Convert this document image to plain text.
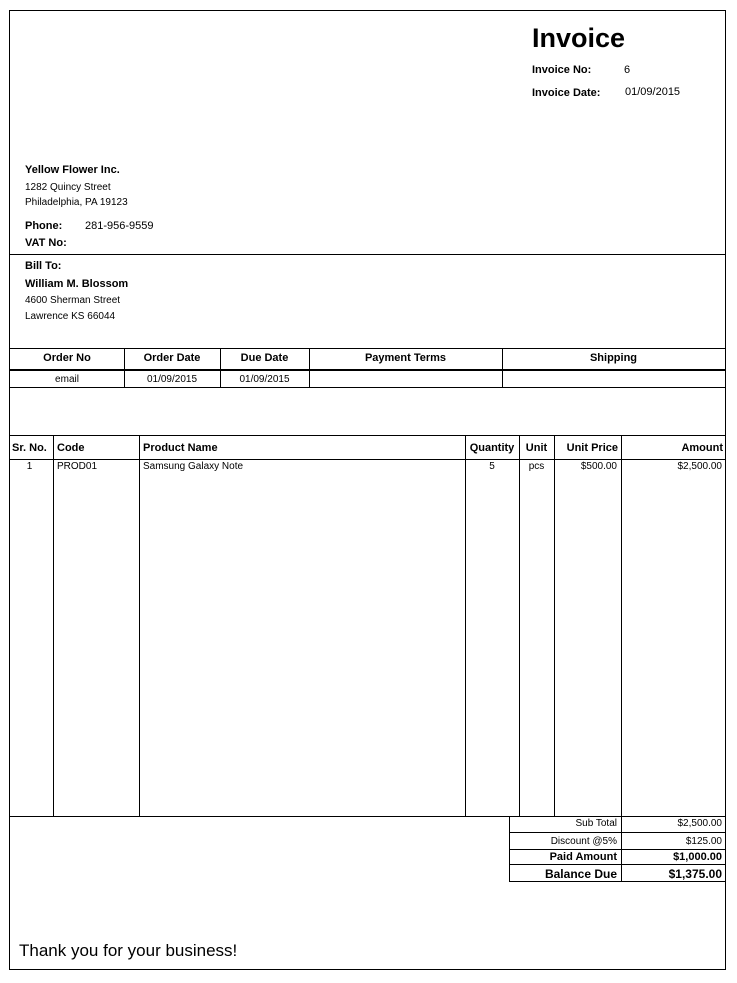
Invoice
Invoice No:	6
Invoice Date: 01/09/2015
Yellow Flower Inc.
1282 Quincy Street
Philadelphia, PA 19123
Phone: 281-956-9559
VAT No:
Bill To:
William M. Blossom
4600 Sherman Street
Lawrence KS 66044
Order No	Order Date	Due Date	Payment Terms	Shipping
email	01/09/2015	01/09/2015
Sr. No. Code	Product Name	Quantity	Unit	Unit Price	Amount
1	PROD01	Samsung Galaxy Note	5	pcs	$500.00	$2,500.00
Sub Total	$2,500.00
Discount @5%	$125.00
Paid Amount	$1,000.00
Balance Due	$1,375.00
Thank you for your business!
